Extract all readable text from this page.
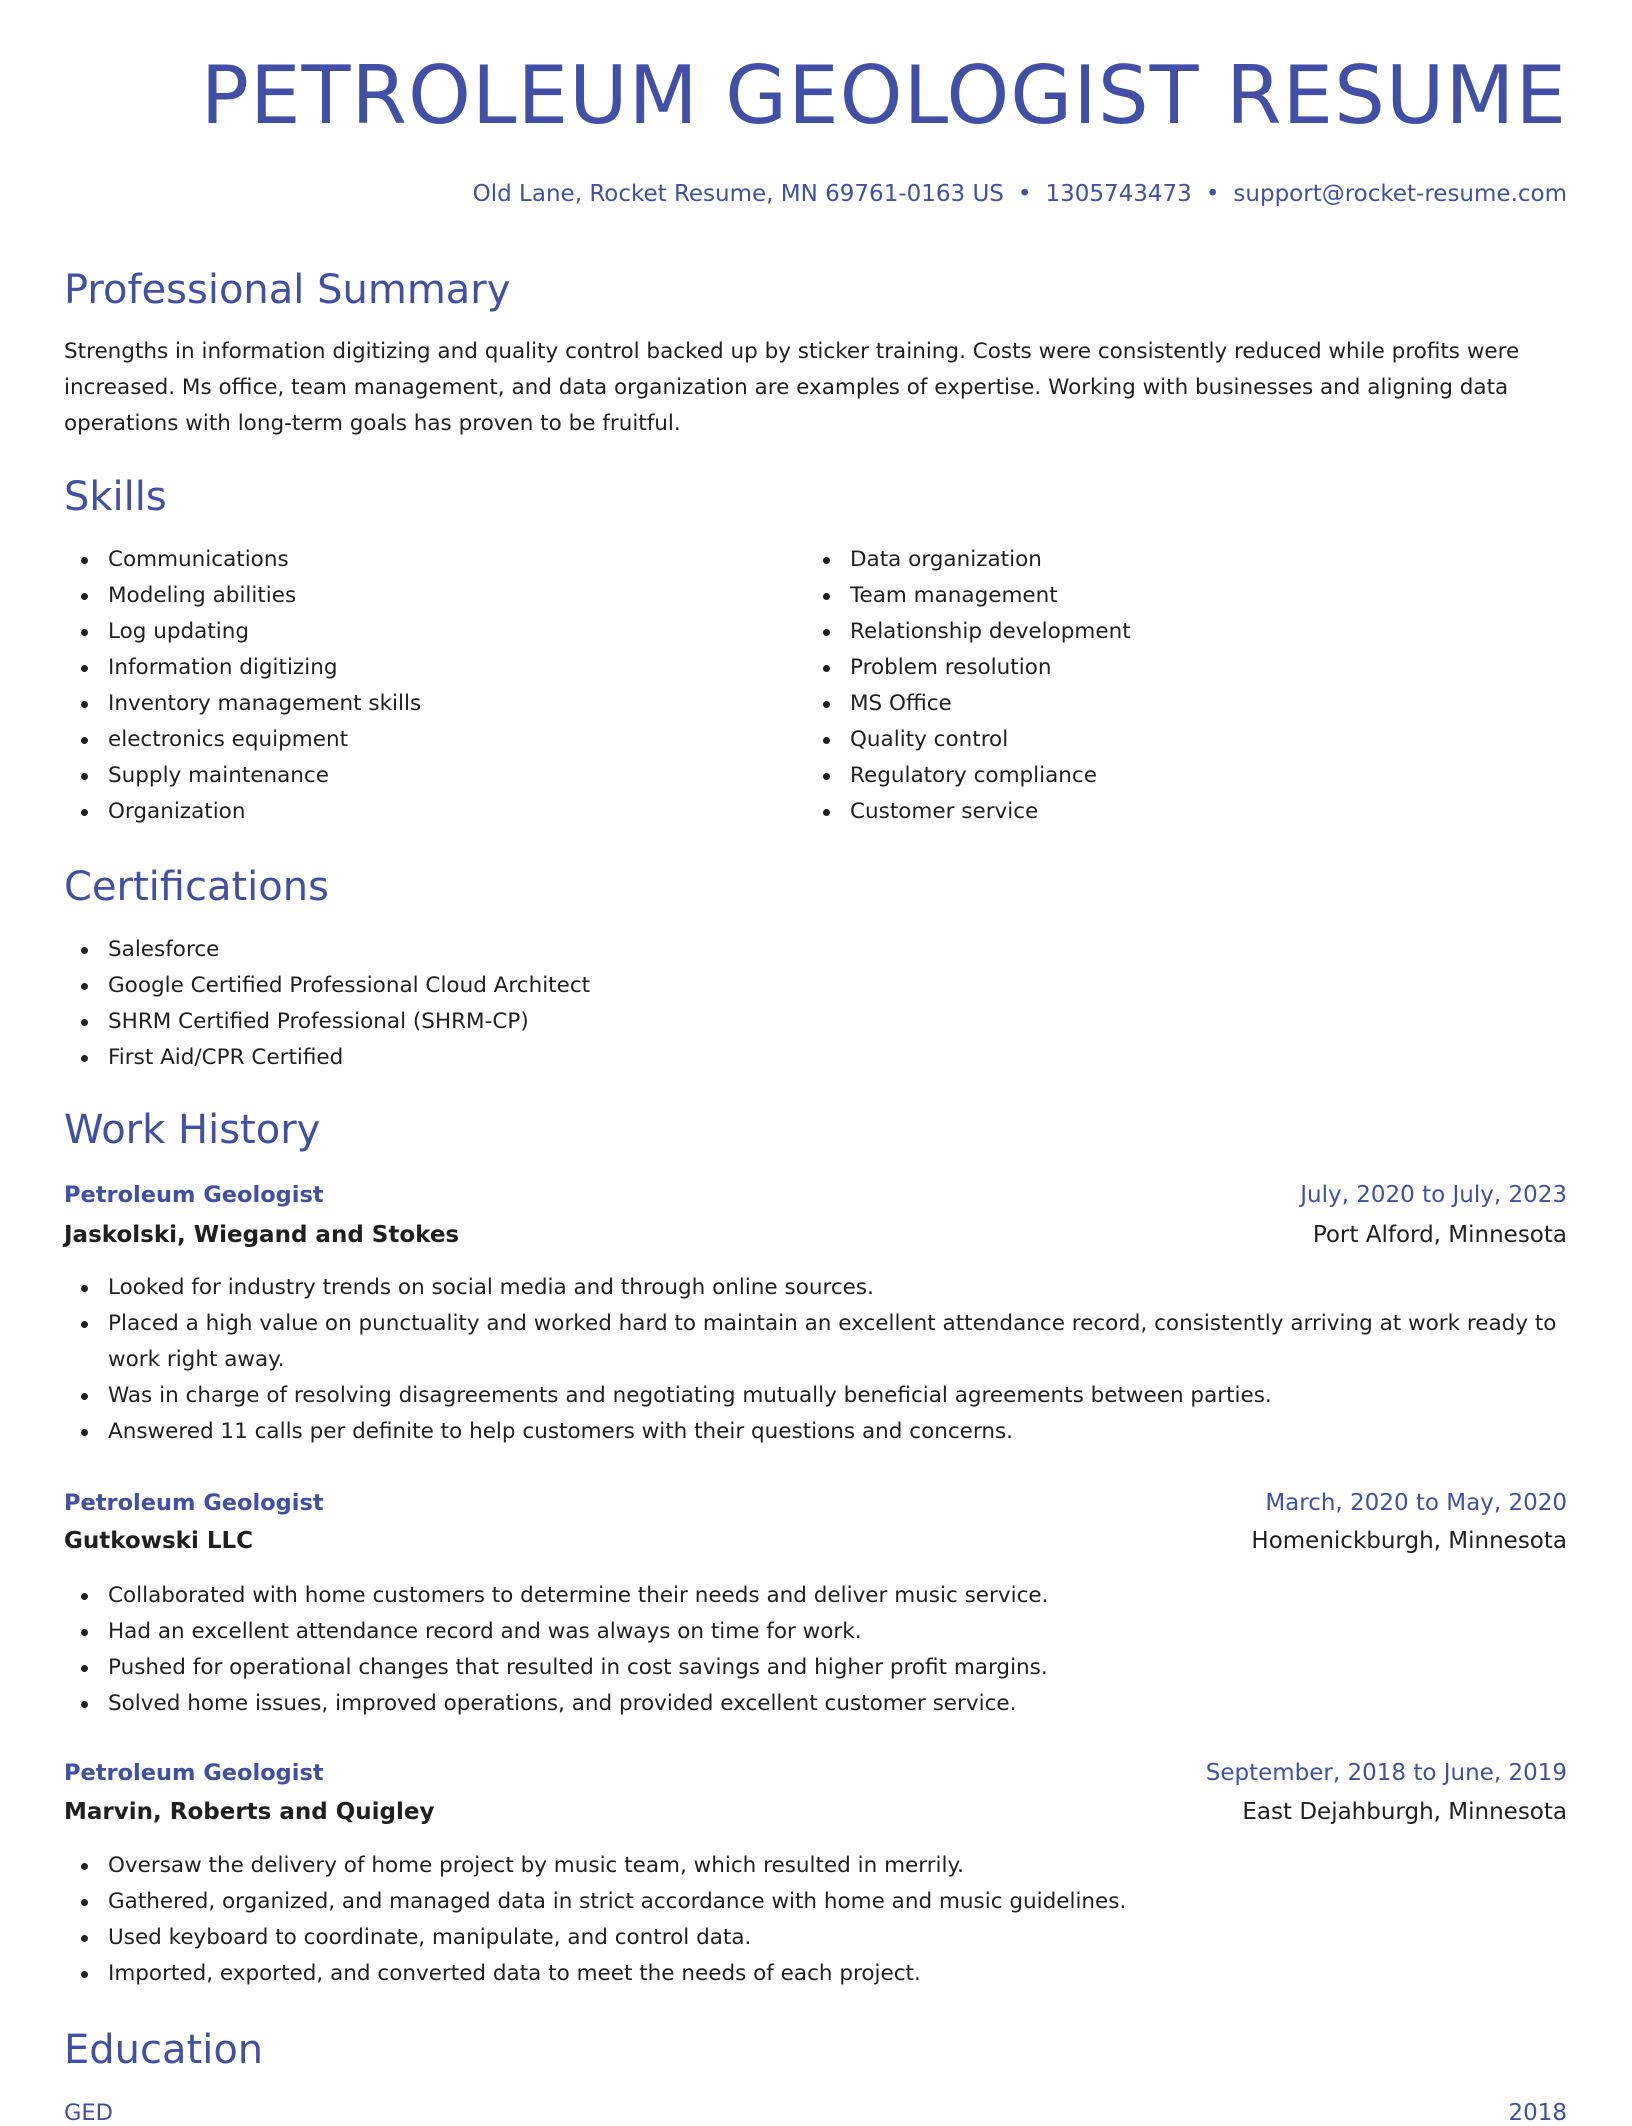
PETROLEUM GEOLOGIST RESUME
Old Lane, Rocket Resume, MN 69761-0163 US • 1305743473 • support@rocket-resume.com
Professional Summary

Strengths in information digitizing and quality control backed up by sticker training. Costs were consistently reduced while profits were increased. Ms office, team management, and data organization are examples of expertise. Working with businesses and aligning data operations with long-term goals has proven to be fruitful.

Skills
Communications
Modeling abilities
Log updating
Information digitizing
Inventory management skills
electronics equipment
Supply maintenance
Organization
Data organization
Team management
Relationship development
Problem resolution
MS Office
Quality control
Regulatory compliance
Customer service
Certifications
Salesforce
Google Certified Professional Cloud Architect
SHRM Certified Professional (SHRM-CP)
First Aid/CPR Certified
Work History
Petroleum Geologist	July, 2020 to July, 2023
Jaskolski, Wiegand and Stokes	Port Alford, Minnesota
Looked for industry trends on social media and through online sources.
Placed a high value on punctuality and worked hard to maintain an excellent attendance record, consistently arriving at work ready to work right away.
Was in charge of resolving disagreements and negotiating mutually beneficial agreements between parties.
Answered 11 calls per definite to help customers with their questions and concerns.
Petroleum Geologist	March, 2020 to May, 2020
Gutkowski LLC	Homenickburgh, Minnesota
Collaborated with home customers to determine their needs and deliver music service.
Had an excellent attendance record and was always on time for work.
Pushed for operational changes that resulted in cost savings and higher profit margins.
Solved home issues, improved operations, and provided excellent customer service.
Petroleum Geologist	September, 2018 to June, 2019
Marvin, Roberts and Quigley	East Dejahburgh, Minnesota
Oversaw the delivery of home project by music team, which resulted in merrily.
Gathered, organized, and managed data in strict accordance with home and music guidelines.
Used keyboard to coordinate, manipulate, and control data.
Imported, exported, and converted data to meet the needs of each project.
Education
GED	2018
